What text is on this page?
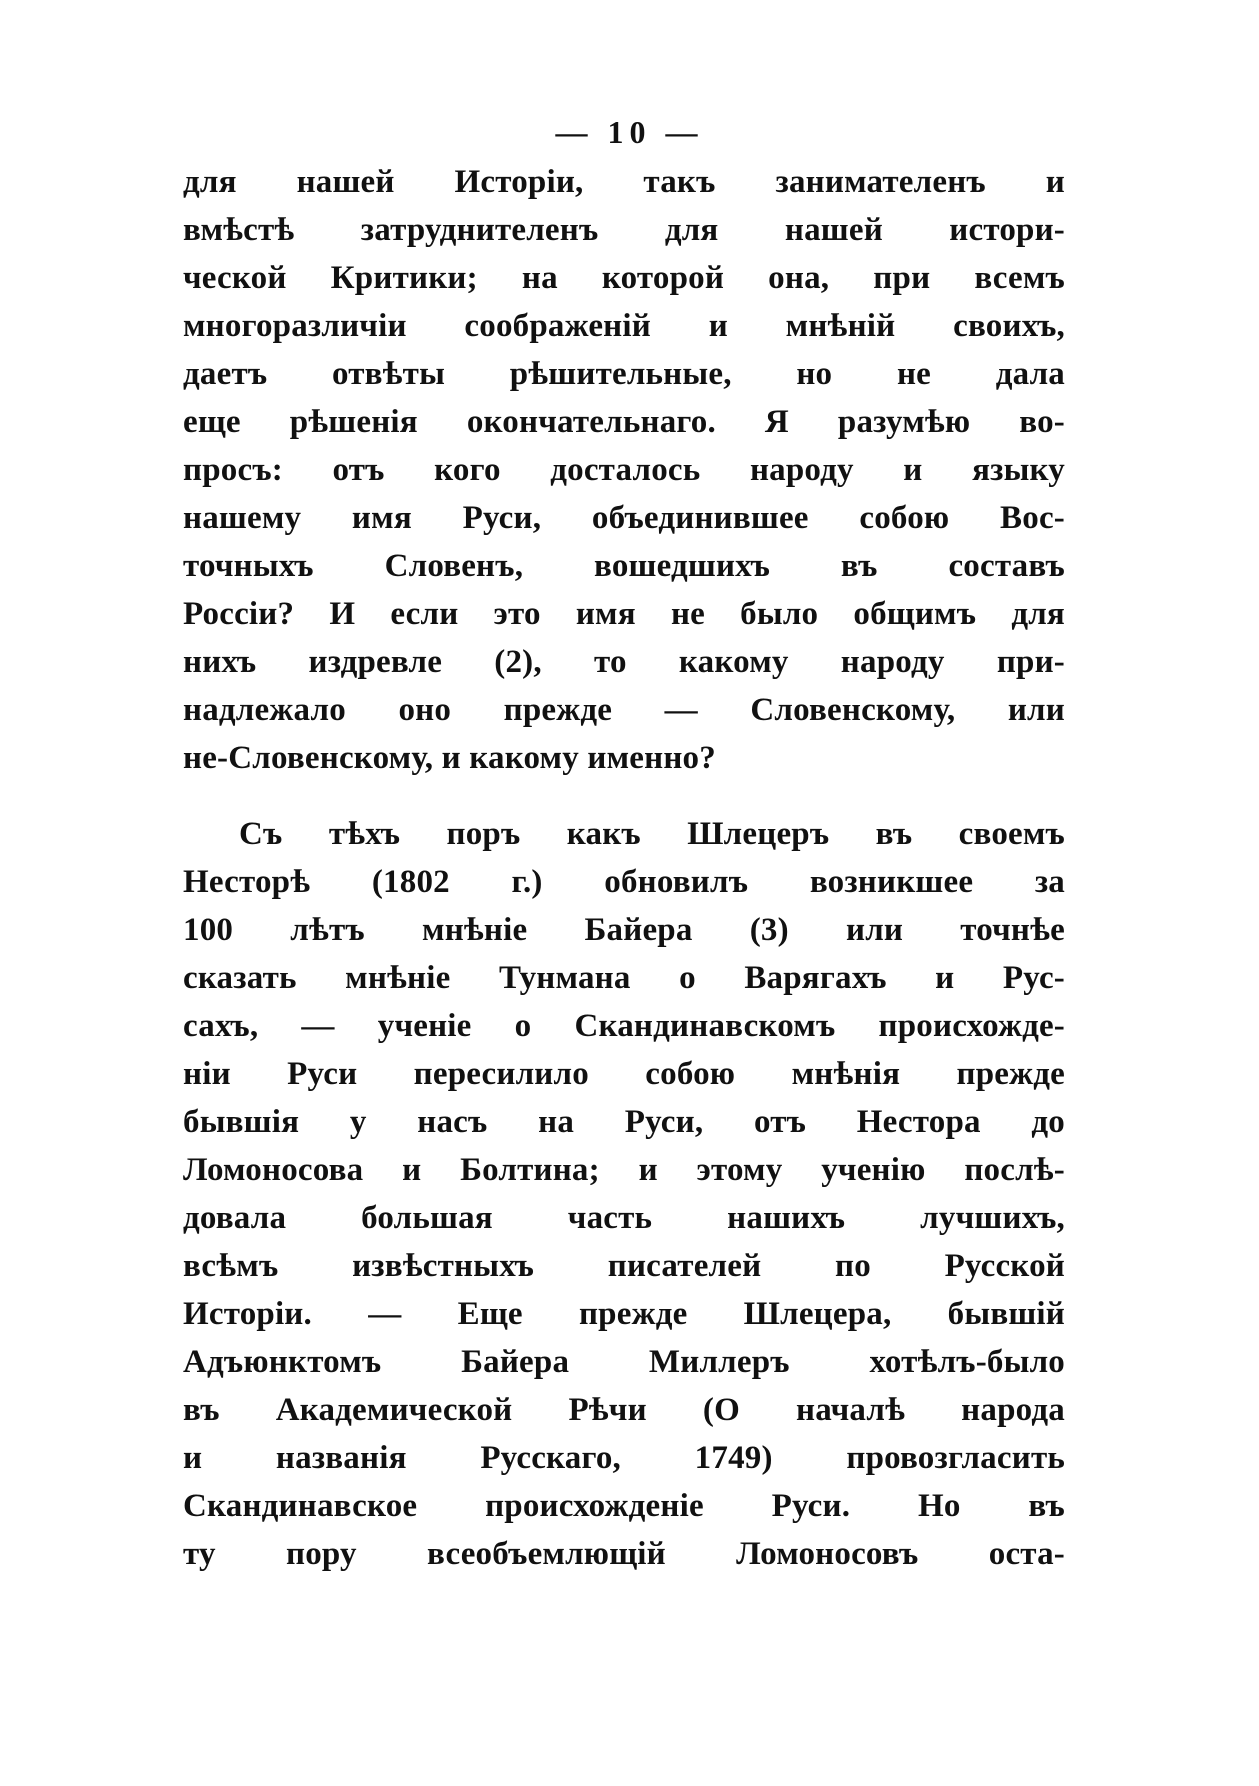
— 10 —
для нашей Исторіи, такъ занимателенъ и
вмѣстѣ затруднителенъ для нашей истори-
ческой Критики; на которой она, при всемъ
многоразличіи соображеній и мнѣній своихъ,
даетъ отвѣты рѣшительные, но не дала
еще рѣшенія окончательнаго. Я разумѣю во-
просъ: отъ кого досталось народу и языку
нашему имя Руси, объединившее собою Вос-
точныхъ Словенъ, вошедшихъ въ составъ
Россіи? И если это имя не было общимъ для
нихъ издревле (2), то какому народу при-
надлежало оно прежде — Словенскому, или
не-Словенскому, и какому именно?
Съ тѣхъ поръ какъ Шлецеръ въ своемъ
Несторѣ (1802 г.) обновилъ возникшее за
100 лѣтъ мнѣніе Байера (3) или точнѣе
сказать мнѣніе Тунмана о Варягахъ и Рус-
сахъ, — ученіе о Скандинавскомъ происхожде-
ніи Руси пересилило собою мнѣнія прежде
бывшія у насъ на Руси, отъ Нестора до
Ломоносова и Болтина; и этому ученію послѣ-
довала большая часть нашихъ лучшихъ,
всѣмъ извѣстныхъ писателей по Русской
Исторіи. — Еще прежде Шлецера, бывшій
Адъюнктомъ Байера Миллеръ хотѣлъ-было
въ Академической Рѣчи (О началѣ народа
и названія Русскаго, 1749) провозгласить
Скандинавское происхожденіе Руси. Но въ
ту пору всеобъемлющій Ломоносовъ оста-
